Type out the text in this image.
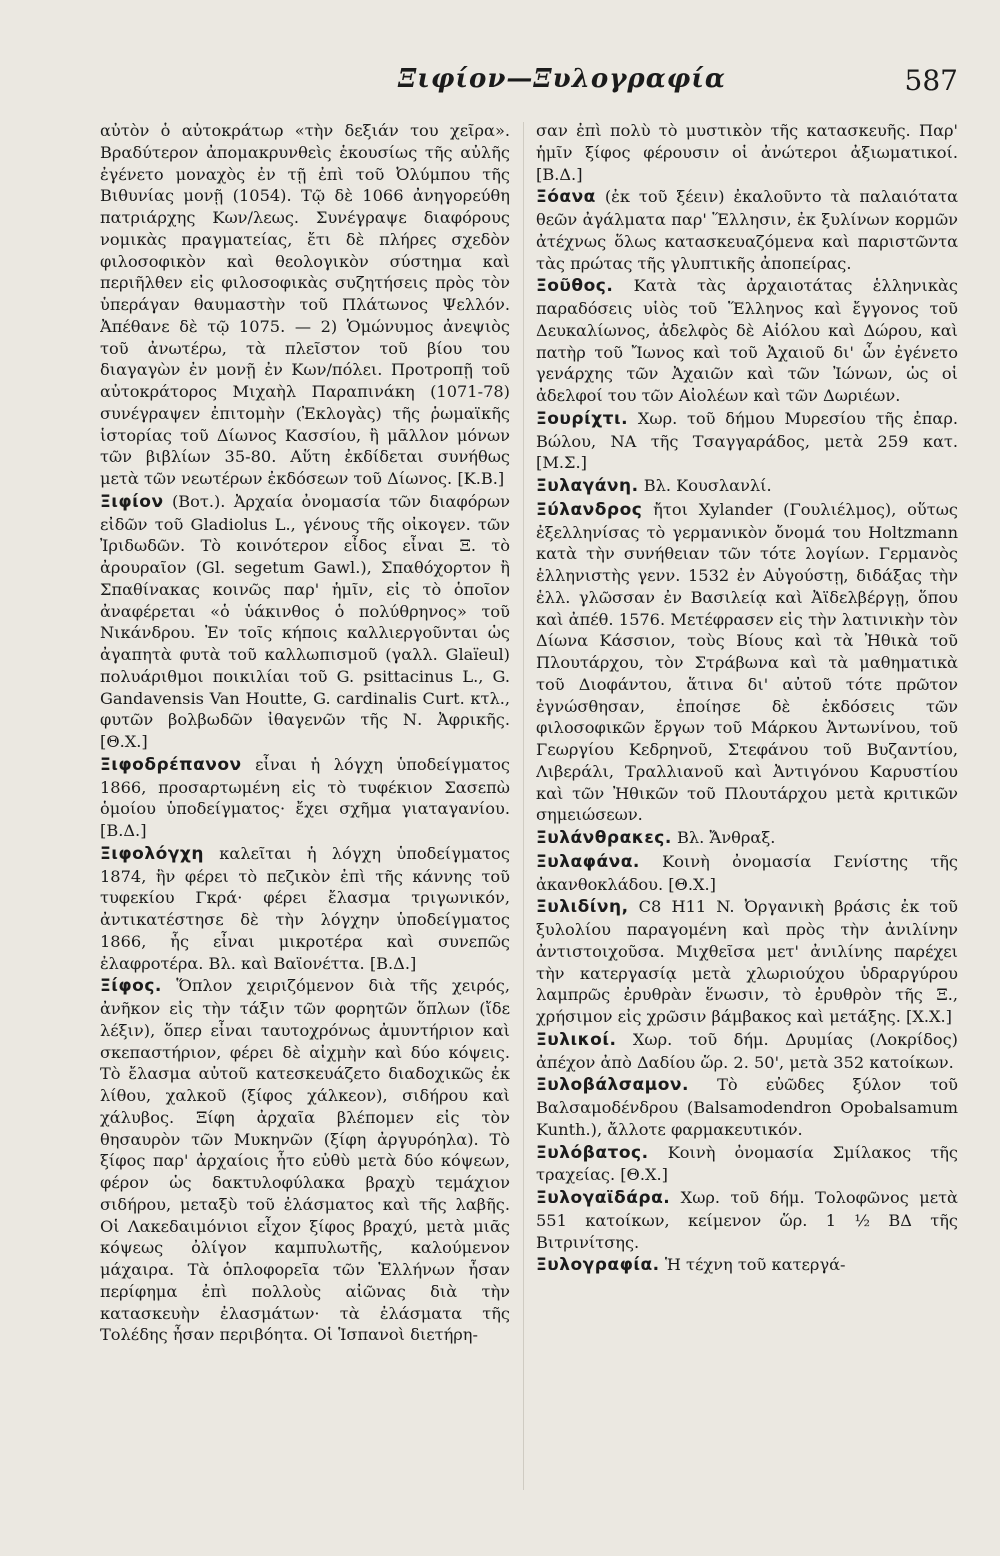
Ξιφίον—Ξυλογραφία	587

αὐτὸν ὁ αὐτοκράτωρ «τὴν δεξιάν του χεῖρα». Βραδύτερον ἀπομακρυνθεὶς ἑκουσίως τῆς αὐλῆς ἐγένετο μοναχὸς ἐν τῇ ἐπὶ τοῦ Ὀλύμπου τῆς Βιθυνίας μονῇ (1054). Τῷ δὲ 1066 ἀνηγορεύθη πατριάρχης Κων/λεως. Συνέγραψε διαφόρους νομικὰς πραγματείας, ἔτι δὲ πλήρες σχεδὸν φιλοσοφικὸν καὶ θεολογικὸν σύστημα καὶ περιῆλθεν εἰς φιλοσοφικὰς συζητήσεις πρὸς τὸν ὑπεράγαν θαυμαστὴν τοῦ Πλάτωνος Ψελλόν. Ἀπέθανε δὲ τῷ 1075. — 2) Ὁμώνυμος ἀνεψιὸς τοῦ ἀνωτέρω, τὰ πλεῖστον τοῦ βίου του διαγαγὼν ἐν μονῇ ἐν Κων/πόλει. Προτροπῇ τοῦ αὐτοκράτορος Μιχαὴλ Παραπινάκη (1071-78) συνέγραψεν ἐπιτομὴν (Ἐκλογὰς) τῆς ῥωμαϊκῆς ἱστορίας τοῦ Δίωνος Κασσίου, ἢ μᾶλλον μόνων τῶν βιβλίων 35-80. Αὕτη ἐκδίδεται συνήθως μετὰ τῶν νεωτέρων ἐκδόσεων τοῦ Δίωνος. [Κ.Β.]

Ξιφίον (Βοτ.). Ἀρχαία ὀνομασία τῶν διαφόρων εἰδῶν τοῦ Gladiolus L., γένους τῆς οἰκογεν. τῶν Ἰριδωδῶν. Τὸ κοινότερον εἶδος εἶναι Ξ. τὸ ἀρουραῖον (Gl. segetum Gawl.), Σπαθόχορτον ἢ Σπαθίνακας κοινῶς παρ' ἡμῖν, εἰς τὸ ὁποῖον ἀναφέρεται «ὁ ὑάκινθος ὁ πολύθρηνος» τοῦ Νικάνδρου. Ἐν τοῖς κήποις καλλιεργοῦνται ὡς ἀγαπητὰ φυτὰ τοῦ καλλωπισμοῦ (γαλλ. Glaïeul) πολυάριθμοι ποικιλίαι τοῦ G. psittacinus L., G. Gandavensis Van Houtte, G. cardinalis Curt. κτλ., φυτῶν βολβωδῶν ἰθαγενῶν τῆς Ν. Ἀφρικῆς. [Θ.Χ.]

Ξιφοδρέπανον εἶναι ἡ λόγχη ὑποδείγματος 1866, προσαρτωμένη εἰς τὸ τυφέκιον Σασεπὼ ὁμοίου ὑποδείγματος· ἔχει σχῆμα γιαταγανίου. [Β.Δ.]

Ξιφολόγχη καλεῖται ἡ λόγχη ὑποδείγματος 1874, ἣν φέρει τὸ πεζικὸν ἐπὶ τῆς κάννης τοῦ τυφεκίου Γκρά· φέρει ἔλασμα τριγωνικόν, ἀντικατέστησε δὲ τὴν λόγχην ὑποδείγματος 1866, ἧς εἶναι μικροτέρα καὶ συνεπῶς ἐλαφροτέρα. Βλ. καὶ Βαϊονέττα. [Β.Δ.]

Ξίφος. Ὅπλον χειριζόμενον διὰ τῆς χειρός, ἀνῆκον εἰς τὴν τάξιν τῶν φορητῶν ὅπλων (ἴδε λέξιν), ὅπερ εἶναι ταυτοχρόνως ἀμυντήριον καὶ σκεπαστήριον, φέρει δὲ αἰχμὴν καὶ δύο κόψεις. Τὸ ἔλασμα αὐτοῦ κατεσκευάζετο διαδοχικῶς ἐκ λίθου, χαλκοῦ (ξίφος χάλκεον), σιδήρου καὶ χάλυβος. Ξίφη ἀρχαῖα βλέπομεν εἰς τὸν θησαυρὸν τῶν Μυκηνῶν (ξίφη ἀργυρόηλα). Τὸ ξίφος παρ' ἀρχαίοις ἦτο εὐθὺ μετὰ δύο κόψεων, φέρον ὡς δακτυλοφύλακα βραχὺ τεμάχιον σιδήρου, μεταξὺ τοῦ ἐλάσματος καὶ τῆς λαβῆς. Οἱ Λακεδαιμόνιοι εἶχον ξίφος βραχύ, μετὰ μιᾶς κόψεως ὀλίγον καμπυλωτῆς, καλούμενον μάχαιρα. Τὰ ὁπλοφορεῖα τῶν Ἑλλήνων ἦσαν περίφημα ἐπὶ πολλοὺς αἰῶνας διὰ τὴν κατασκευὴν ἐλασμάτων· τὰ ἐλάσματα τῆς Τολέδης ἦσαν περιβόητα. Οἱ Ἱσπανοὶ διετήρη-

σαν ἐπὶ πολὺ τὸ μυστικὸν τῆς κατασκευῆς. Παρ' ἡμῖν ξίφος φέρουσιν οἱ ἀνώτεροι ἀξιωματικοί. [Β.Δ.]

Ξόανα (ἐκ τοῦ ξέειν) ἐκαλοῦντο τὰ παλαιότατα θεῶν ἀγάλματα παρ' Ἕλλησιν, ἐκ ξυλίνων κορμῶν ἀτέχνως ὅλως κατασκευαζόμενα καὶ παριστῶντα τὰς πρώτας τῆς γλυπτικῆς ἀποπείρας.

Ξοῦθος. Κατὰ τὰς ἀρχαιοτάτας ἑλληνικὰς παραδόσεις υἱὸς τοῦ Ἕλληνος καὶ ἔγγονος τοῦ Δευκαλίωνος, ἀδελφὸς δὲ Αἰόλου καὶ Δώρου, καὶ πατὴρ τοῦ Ἴωνος καὶ τοῦ Ἀχαιοῦ δι' ὧν ἐγένετο γενάρχης τῶν Ἀχαιῶν καὶ τῶν Ἰώνων, ὡς οἱ ἀδελφοί του τῶν Αἰολέων καὶ τῶν Δωριέων.

Ξουρίχτι. Χωρ. τοῦ δήμου Μυρεσίου τῆς ἐπαρ. Βώλου, ΝΑ τῆς Τσαγγαράδος, μετὰ 259 κατ. [Μ.Σ.]

Ξυλαγάνη. Βλ. Κουσλανλί.

Ξύλανδρος ἤτοι Xylander (Γουλιέλμος), οὕτως ἐξελληνίσας τὸ γερμανικὸν ὄνομά του Holtzmann κατὰ τὴν συνήθειαν τῶν τότε λογίων. Γερμανὸς ἑλληνιστὴς γενν. 1532 ἐν Αὐγούστῃ, διδάξας τὴν ἑλλ. γλῶσσαν ἐν Βασιλείᾳ καὶ Ἀϊδελβέργῃ, ὅπου καὶ ἀπέθ. 1576. Μετέφρασεν εἰς τὴν λατινικὴν τὸν Δίωνα Κάσσιον, τοὺς Βίους καὶ τὰ Ἠθικὰ τοῦ Πλουτάρχου, τὸν Στράβωνα καὶ τὰ μαθηματικὰ τοῦ Διοφάντου, ἅτινα δι' αὐτοῦ τότε πρῶτον ἐγνώσθησαν, ἐποίησε δὲ ἐκδόσεις τῶν φιλοσοφικῶν ἔργων τοῦ Μάρκου Ἀντωνίνου, τοῦ Γεωργίου Κεδρηνοῦ, Στεφάνου τοῦ Βυζαντίου, Λιβεράλι, Τραλλιανοῦ καὶ Ἀντιγόνου Καρυστίου καὶ τῶν Ἠθικῶν τοῦ Πλουτάρχου μετὰ κριτικῶν σημειώσεων.

Ξυλάνθρακες. Βλ. Ἄνθραξ.

Ξυλαφάνα. Κοινὴ ὀνομασία Γενίστης τῆς ἀκανθοκλάδου. [Θ.Χ.]

Ξυλιδίνη, C8 H11 N. Ὀργανικὴ βράσις ἐκ τοῦ ξυλολίου παραγομένη καὶ πρὸς τὴν ἀνιλίνην ἀντιστοιχοῦσα. Μιχθεῖσα μετ' ἀνιλίνης παρέχει τὴν κατεργασίᾳ μετὰ χλωριούχου ὑδραργύρου λαμπρῶς ἐρυθρὰν ἕνωσιν, τὸ ἐρυθρὸν τῆς Ξ., χρήσιμον εἰς χρῶσιν βάμβακος καὶ μετάξης. [Χ.Χ.]

Ξυλικοί. Χωρ. τοῦ δήμ. Δρυμίας (Λοκρίδος) ἀπέχον ἀπὸ Δαδίου ὥρ. 2. 50', μετὰ 352 κατοίκων.

Ξυλοβάλσαμον. Τὸ εὐῶδες ξύλον τοῦ Βαλσαμοδένδρου (Balsamodendron Opobalsamum Kunth.), ἄλλοτε φαρμακευτικόν.

Ξυλόβατος. Κοινὴ ὀνομασία Σμίλακος τῆς τραχείας. [Θ.Χ.]

Ξυλογαϊδάρα. Χωρ. τοῦ δήμ. Τολοφῶνος μετὰ 551 κατοίκων, κείμενον ὥρ. 1 ½ ΒΔ τῆς Βιτρινίτσης.

Ξυλογραφία. Ἡ τέχνη τοῦ κατεργά-
